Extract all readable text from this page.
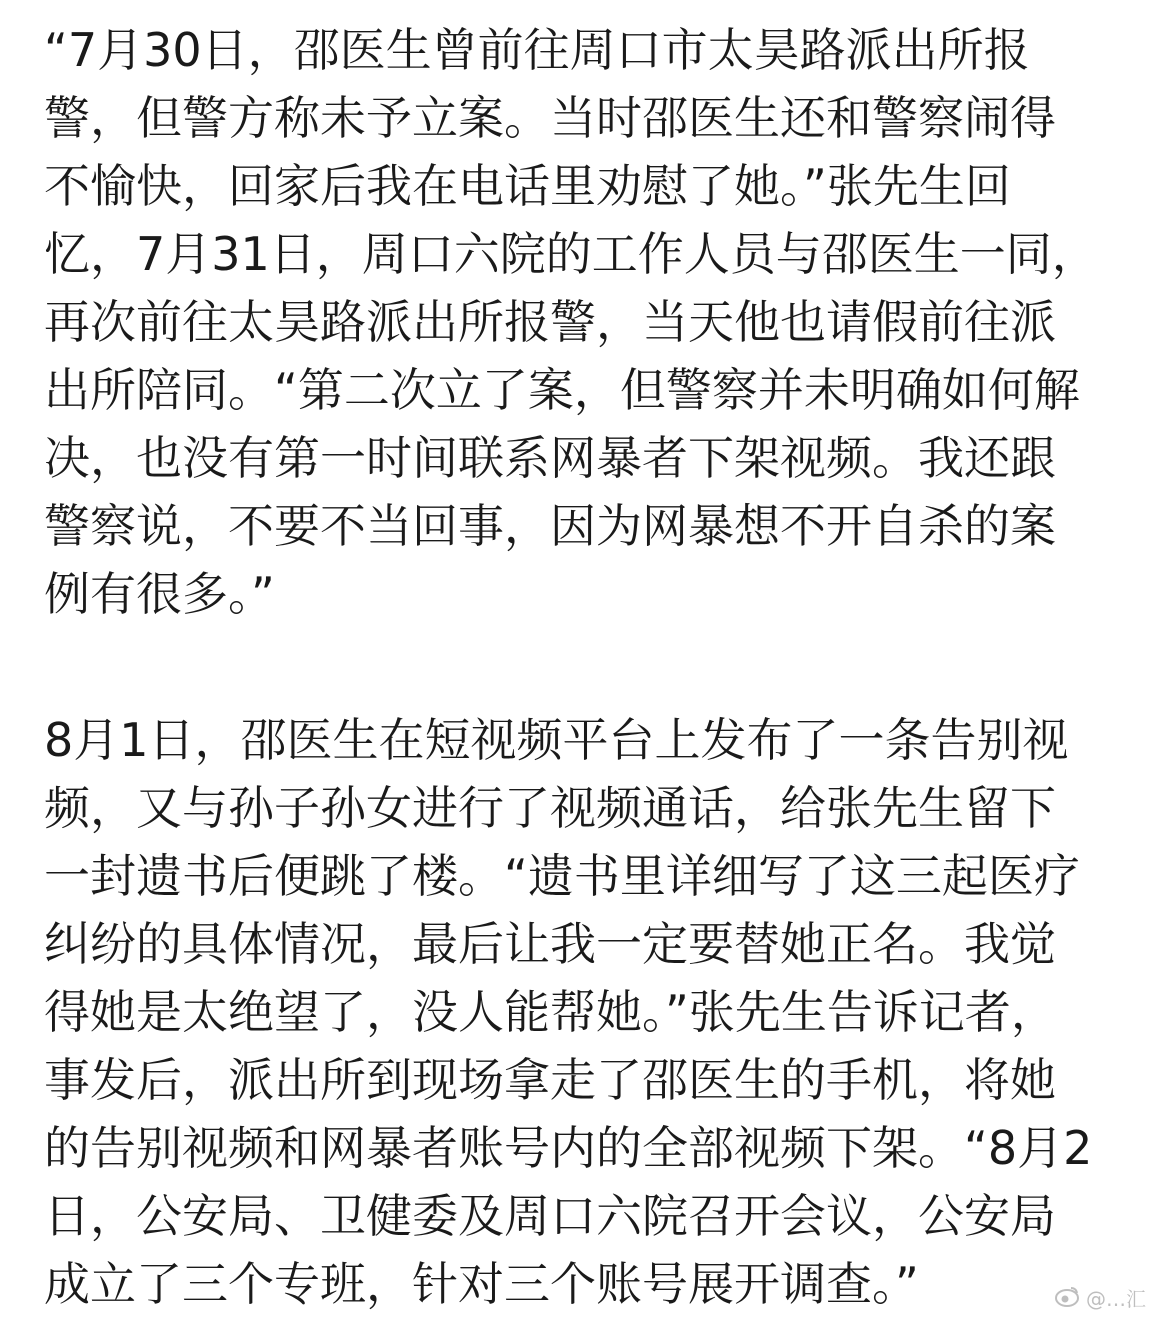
“7月30日，邵医生曾前往周口市太昊路派出所报
警，但警方称未予立案。当时邵医生还和警察闹得
不愉快，回家后我在电话里劝慰了她。”张先生回
忆，7月31日，周口六院的工作人员与邵医生一同，
再次前往太昊路派出所报警，当天他也请假前往派
出所陪同。“第二次立了案，但警察并未明确如何解
决，也没有第一时间联系网暴者下架视频。我还跟
警察说，不要不当回事，因为网暴想不开自杀的案
例有很多。”
8月1日，邵医生在短视频平台上发布了一条告别视
频，又与孙子孙女进行了视频通话，给张先生留下
一封遗书后便跳了楼。“遗书里详细写了这三起医疗
纠纷的具体情况，最后让我一定要替她正名。我觉
得她是太绝望了，没人能帮她。”张先生告诉记者，
事发后，派出所到现场拿走了邵医生的手机，将她
的告别视频和网暴者账号内的全部视频下架。“8月2
日，公安局、卫健委及周口六院召开会议，公安局
成立了三个专班，针对三个账号展开调查。”	@…汇
